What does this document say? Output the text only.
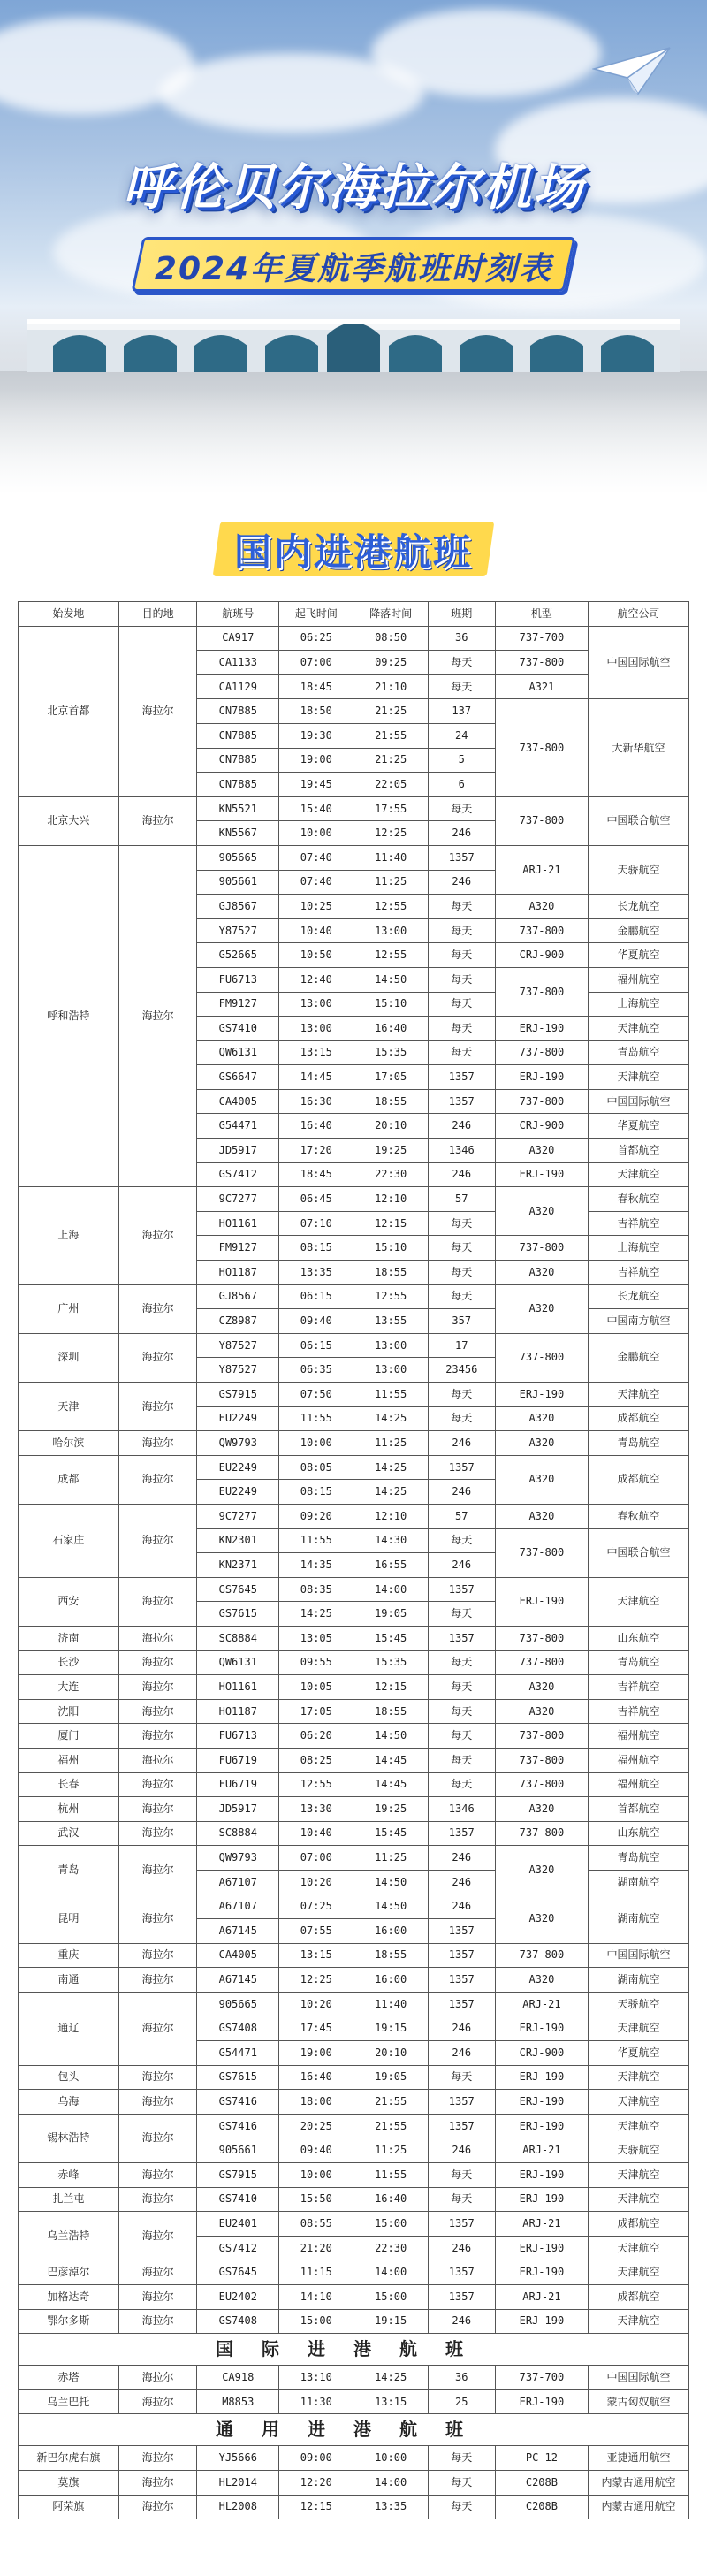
呼伦贝尔海拉尔机场
2024年夏航季航班时刻表
国内进港航班
始发地	目的地	航班号	起飞时间	降落时间	班期	机型	航空公司
北京首都	海拉尔	CA917	06:25	08:50	36	737-700	中国国际航空
		CA1133	07:00	09:25	每天	737-800	
		CA1129	18:45	21:10	每天	A321	
		CN7885	18:50	21:25	137	737-800	大新华航空
		CN7885	19:30	21:55	24		
		CN7885	19:00	21:25	5		
		CN7885	19:45	22:05	6		
北京大兴	海拉尔	KN5521	15:40	17:55	每天	737-800	中国联合航空
		KN5567	10:00	12:25	246		
呼和浩特	海拉尔	905665	07:40	11:40	1357	ARJ-21	天骄航空
		905661	07:40	11:25	246		
		GJ8567	10:25	12:55	每天	A320	长龙航空
		Y87527	10:40	13:00	每天	737-800	金鹏航空
		G52665	10:50	12:55	每天	CRJ-900	华夏航空
		FU6713	12:40	14:50	每天	737-800	福州航空
		FM9127	13:00	15:10	每天		上海航空
		GS7410	13:00	16:40	每天	ERJ-190	天津航空
		QW6131	13:15	15:35	每天	737-800	青岛航空
		GS6647	14:45	17:05	1357	ERJ-190	天津航空
		CA4005	16:30	18:55	1357	737-800	中国国际航空
		G54471	16:40	20:10	246	CRJ-900	华夏航空
		JD5917	17:20	19:25	1346	A320	首都航空
		GS7412	18:45	22:30	246	ERJ-190	天津航空
上海	海拉尔	9C7277	06:45	12:10	57	A320	春秋航空
		HO1161	07:10	12:15	每天		吉祥航空
		FM9127	08:15	15:10	每天	737-800	上海航空
		HO1187	13:35	18:55	每天	A320	吉祥航空
广州	海拉尔	GJ8567	06:15	12:55	每天	A320	长龙航空
		CZ8987	09:40	13:55	357		中国南方航空
深圳	海拉尔	Y87527	06:15	13:00	17	737-800	金鹏航空
		Y87527	06:35	13:00	23456		
天津	海拉尔	GS7915	07:50	11:55	每天	ERJ-190	天津航空
		EU2249	11:55	14:25	每天	A320	成都航空
哈尔滨	海拉尔	QW9793	10:00	11:25	246	A320	青岛航空
成都	海拉尔	EU2249	08:05	14:25	1357	A320	成都航空
		EU2249	08:15	14:25	246		
石家庄	海拉尔	9C7277	09:20	12:10	57	A320	春秋航空
		KN2301	11:55	14:30	每天	737-800	中国联合航空
		KN2371	14:35	16:55	246		
西安	海拉尔	GS7645	08:35	14:00	1357	ERJ-190	天津航空
		GS7615	14:25	19:05	每天		
济南	海拉尔	SC8884	13:05	15:45	1357	737-800	山东航空
长沙	海拉尔	QW6131	09:55	15:35	每天	737-800	青岛航空
大连	海拉尔	HO1161	10:05	12:15	每天	A320	吉祥航空
沈阳	海拉尔	HO1187	17:05	18:55	每天	A320	吉祥航空
厦门	海拉尔	FU6713	06:20	14:50	每天	737-800	福州航空
福州	海拉尔	FU6719	08:25	14:45	每天	737-800	福州航空
长春	海拉尔	FU6719	12:55	14:45	每天	737-800	福州航空
杭州	海拉尔	JD5917	13:30	19:25	1346	A320	首都航空
武汉	海拉尔	SC8884	10:40	15:45	1357	737-800	山东航空
青岛	海拉尔	QW9793	07:00	11:25	246	A320	青岛航空
		A67107	10:20	14:50	246		湖南航空
昆明	海拉尔	A67107	07:25	14:50	246	A320	湖南航空
		A67145	07:55	16:00	1357		
重庆	海拉尔	CA4005	13:15	18:55	1357	737-800	中国国际航空
南通	海拉尔	A67145	12:25	16:00	1357	A320	湖南航空
通辽	海拉尔	905665	10:20	11:40	1357	ARJ-21	天骄航空
		GS7408	17:45	19:15	246	ERJ-190	天津航空
		G54471	19:00	20:10	246	CRJ-900	华夏航空
包头	海拉尔	GS7615	16:40	19:05	每天	ERJ-190	天津航空
乌海	海拉尔	GS7416	18:00	21:55	1357	ERJ-190	天津航空
锡林浩特	海拉尔	GS7416	20:25	21:55	1357	ERJ-190	天津航空
		905661	09:40	11:25	246	ARJ-21	天骄航空
赤峰	海拉尔	GS7915	10:00	11:55	每天	ERJ-190	天津航空
扎兰屯	海拉尔	GS7410	15:50	16:40	每天	ERJ-190	天津航空
乌兰浩特	海拉尔	EU2401	08:55	15:00	1357	ARJ-21	成都航空
		GS7412	21:20	22:30	246	ERJ-190	天津航空
巴彦淖尔	海拉尔	GS7645	11:15	14:00	1357	ERJ-190	天津航空
加格达奇	海拉尔	EU2402	14:10	15:00	1357	ARJ-21	成都航空
鄂尔多斯	海拉尔	GS7408	15:00	19:15	246	ERJ-190	天津航空
国际进港航班							
赤塔	海拉尔	CA918	13:10	14:25	36	737-700	中国国际航空
乌兰巴托	海拉尔	M8853	11:30	13:15	25	ERJ-190	蒙古匈奴航空
通用进港航班							
新巴尔虎右旗	海拉尔	YJ5666	09:00	10:00	每天	PC-12	亚捷通用航空
莫旗	海拉尔	HL2014	12:20	14:00	每天	C208B	内蒙古通用航空
阿荣旗	海拉尔	HL2008	12:15	13:35	每天	C208B	内蒙古通用航空
